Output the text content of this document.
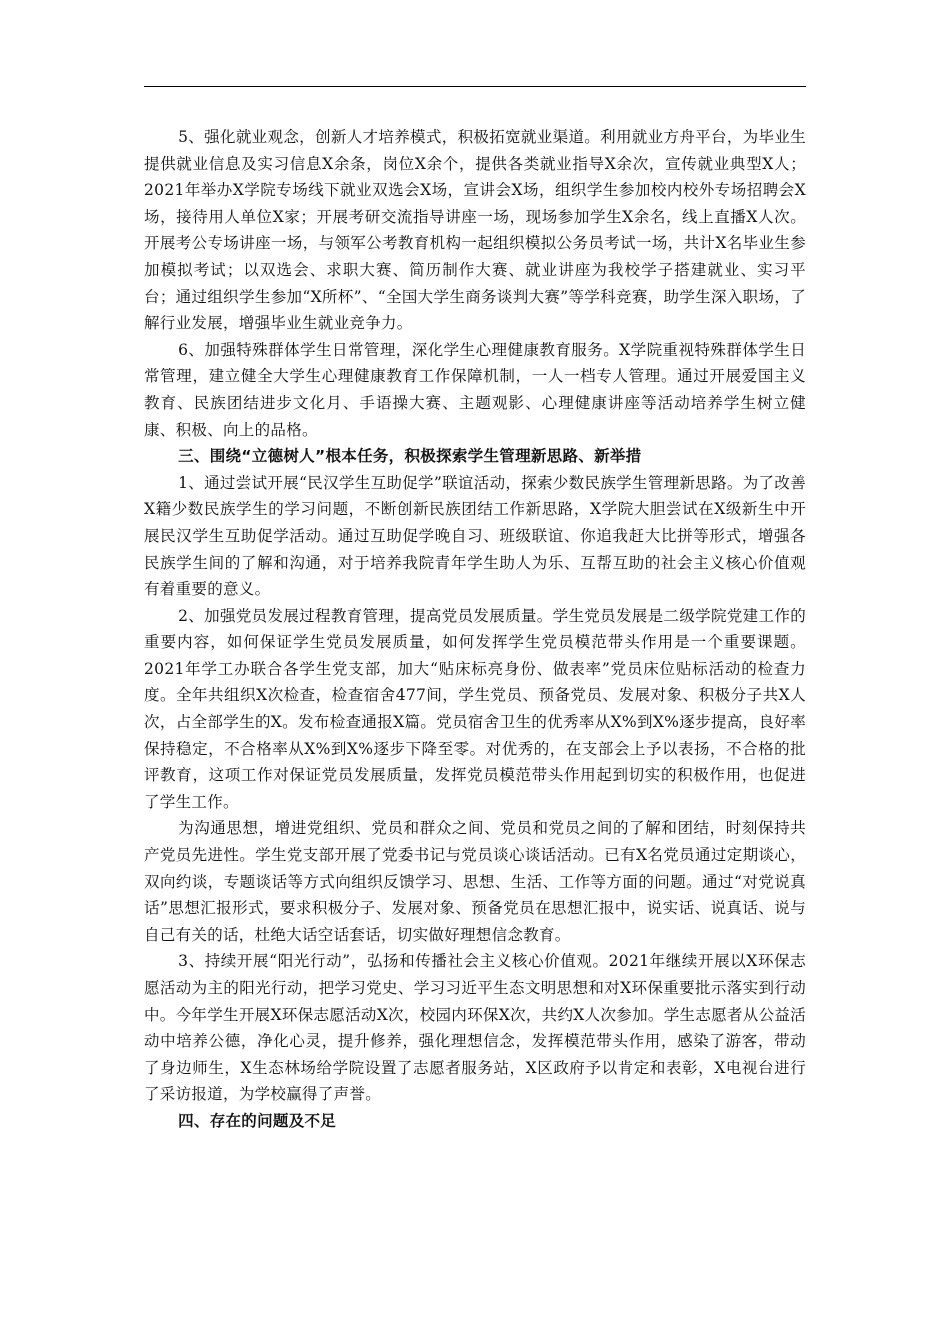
5、强化就业观念，创新人才培养模式，积极拓宽就业渠道。利用就业方舟平台，为毕业生提供就业信息及实习信息X余条，岗位X余个，提供各类就业指导X余次，宣传就业典型X人；2021年举办X学院专场线下就业双选会X场，宣讲会X场，组织学生参加校内校外专场招聘会X场，接待用人单位X家；开展考研交流指导讲座一场，现场参加学生X余名，线上直播X人次。开展考公专场讲座一场，与领军公考教育机构一起组织模拟公务员考试一场，共计X名毕业生参加模拟考试；以双选会、求职大赛、简历制作大赛、就业讲座为我校学子搭建就业、实习平台；通过组织学生参加“X所杯”、“全国大学生商务谈判大赛”等学科竞赛，助学生深入职场，了解行业发展，增强毕业生就业竞争力。

6、加强特殊群体学生日常管理，深化学生心理健康教育服务。X学院重视特殊群体学生日常管理，建立健全大学生心理健康教育工作保障机制，一人一档专人管理。通过开展爱国主义教育、民族团结进步文化月、手语操大赛、主题观影、心理健康讲座等活动培养学生树立健康、积极、向上的品格。

三、围绕“立德树人”根本任务，积极探索学生管理新思路、新举措

1、通过尝试开展“民汉学生互助促学”联谊活动，探索少数民族学生管理新思路。为了改善X籍少数民族学生的学习问题，不断创新民族团结工作新思路，X学院大胆尝试在X级新生中开展民汉学生互助促学活动。通过互助促学晚自习、班级联谊、你追我赶大比拼等形式，增强各民族学生间的了解和沟通，对于培养我院青年学生助人为乐、互帮互助的社会主义核心价值观有着重要的意义。

2、加强党员发展过程教育管理，提高党员发展质量。学生党员发展是二级学院党建工作的重要内容，如何保证学生党员发展质量，如何发挥学生党员模范带头作用是一个重要课题。2021年学工办联合各学生党支部，加大“贴床标亮身份、做表率”党员床位贴标活动的检查力度。全年共组织X次检查，检查宿舍477间，学生党员、预备党员、发展对象、积极分子共X人次，占全部学生的X。发布检查通报X篇。党员宿舍卫生的优秀率从X%到X%逐步提高，良好率保持稳定，不合格率从X%到X%逐步下降至零。对优秀的，在支部会上予以表扬，不合格的批评教育，这项工作对保证党员发展质量，发挥党员模范带头作用起到切实的积极作用，也促进了学生工作。

为沟通思想，增进党组织、党员和群众之间、党员和党员之间的了解和团结，时刻保持共产党员先进性。学生党支部开展了党委书记与党员谈心谈话活动。已有X名党员通过定期谈心，双向约谈，专题谈话等方式向组织反馈学习、思想、生活、工作等方面的问题。通过“对党说真话”思想汇报形式，要求积极分子、发展对象、预备党员在思想汇报中，说实话、说真话、说与自己有关的话，杜绝大话空话套话，切实做好理想信念教育。

3、持续开展“阳光行动”，弘扬和传播社会主义核心价值观。2021年继续开展以X环保志愿活动为主的阳光行动，把学习党史、学习习近平生态文明思想和对X环保重要批示落实到行动中。今年学生开展X环保志愿活动X次，校园内环保X次，共约X人次参加。学生志愿者从公益活动中培养公德，净化心灵，提升修养，强化理想信念，发挥模范带头作用，感染了游客，带动了身边师生，X生态林场给学院设置了志愿者服务站，X区政府予以肯定和表彰，X电视台进行了采访报道，为学校赢得了声誉。

四、存在的问题及不足
